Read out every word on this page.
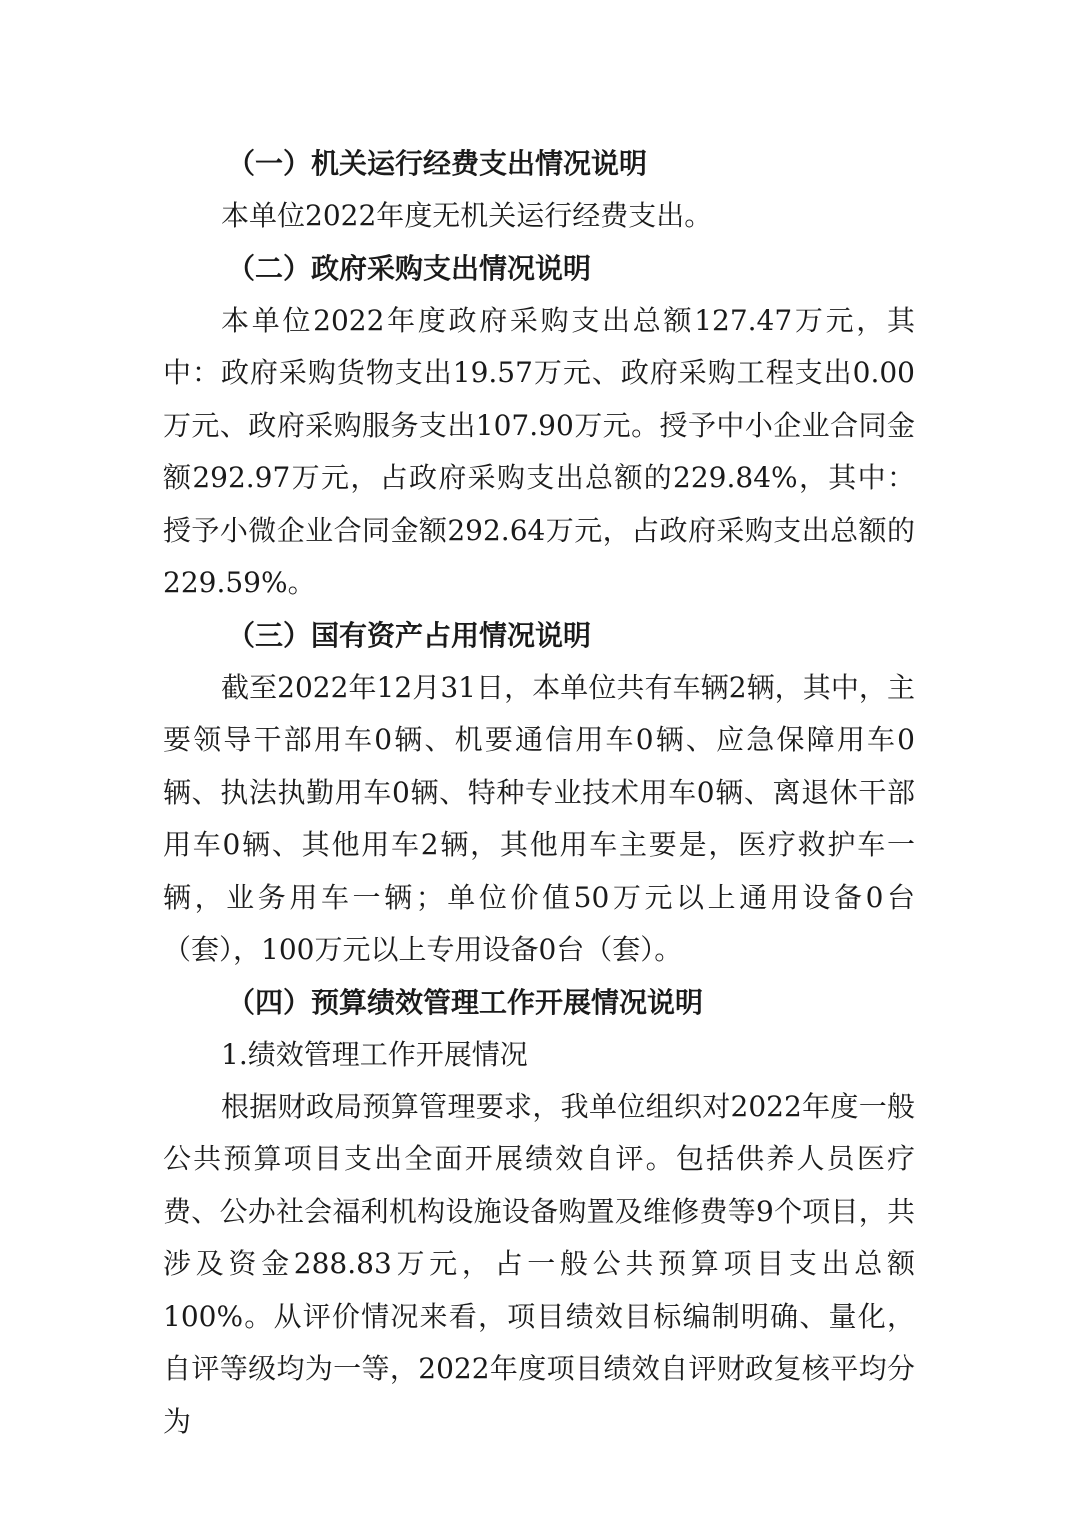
（一）机关运行经费支出情况说明

本单位2022年度无机关运行经费支出。

（二）政府采购支出情况说明

本单位2022年度政府采购支出总额127.47万元，其中：政府采购货物支出19.57万元、政府采购工程支出0.00万元、政府采购服务支出107.90万元。授予中小企业合同金额292.97万元，占政府采购支出总额的229.84%，其中：授予小微企业合同金额292.64万元，占政府采购支出总额的229.59%。

（三）国有资产占用情况说明

截至2022年12月31日，本单位共有车辆2辆，其中，主要领导干部用车0辆、机要通信用车0辆、应急保障用车0辆、执法执勤用车0辆、特种专业技术用车0辆、离退休干部用车0辆、其他用车2辆，其他用车主要是，医疗救护车一辆，业务用车一辆；单位价值50万元以上通用设备0台（套），100万元以上专用设备0台（套）。

（四）预算绩效管理工作开展情况说明

1.绩效管理工作开展情况

根据财政局预算管理要求，我单位组织对2022年度一般公共预算项目支出全面开展绩效自评。包括供养人员医疗费、公办社会福利机构设施设备购置及维修费等9个项目，共涉及资金288.83万元，占一般公共预算项目支出总额100%。从评价情况来看，项目绩效目标编制明确、量化，自评等级均为一等，2022年度项目绩效自评财政复核平均分为
